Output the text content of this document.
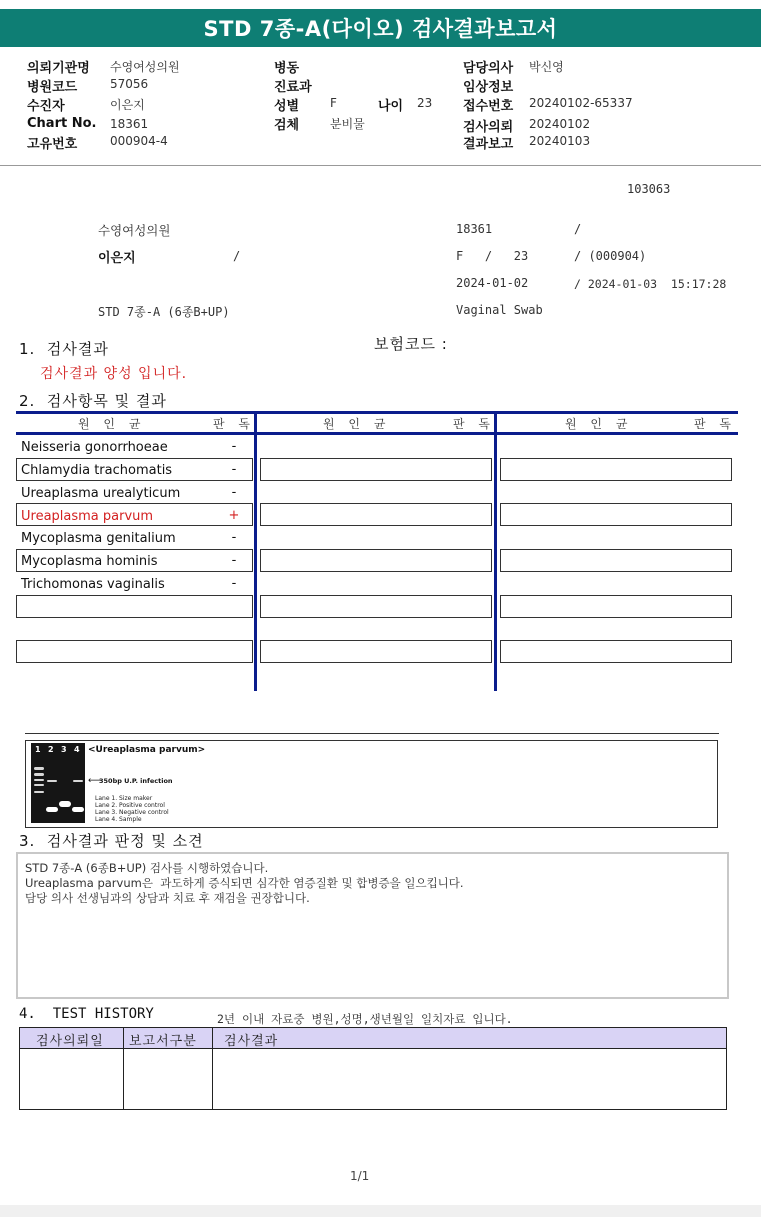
STD 7종-A(다이오) 검사결과보고서
의뢰기관명 수영여성의원
병원코드	57056
수진자	이은지
Chart No. 18361
고유번호	000904-4
병동
진료과
성별	F	나이 23
검체	분비물
담당의사 박신영
임상정보
접수번호 20240102-65337
검사의뢰 20240102
결과보고 20240103
103063
수영여성의원	18361	/
이은지	/	F   /   23	/ (000904)
2024-01-02	/ 2024-01-03  15:17:28
STD 7종-A (6종B+UP)	Vaginal Swab
1.  검사결과	보험코드 :
검사결과 양성 입니다.
2.  검사항목 및 결과
원 인 균	판 독	원 인 균	판 독	원 인 균	판 독
Neisseria gonorrhoeae	-
Chlamydia trachomatis	-
Ureaplasma urealyticum	-
Ureaplasma parvum	+
Mycoplasma genitalium	-
Mycoplasma hominis	-
Trichomonas vaginalis	-
1 2 3 4 <Ureaplasma parvum>
⟵
350bp U.P. infection
Lane 1. Size maker
Lane 2. Positive control
Lane 3. Negative control
Lane 4. Sample
3.  검사결과 판정 및 소견
STD 7종-A (6종B+UP) 검사를 시행하였습니다.
Ureaplasma parvum은  과도하게 증식되면 심각한 염증질환 및 합병증을 일으킵니다.
담당 의사 선생님과의 상담과 치료 후 재검을 권장합니다.
4.  TEST HISTORY	2년 이내 자료중 병원,성명,생년월일 일치자료 입니다.
검사의뢰일 보고서구분 검사결과
1/1
